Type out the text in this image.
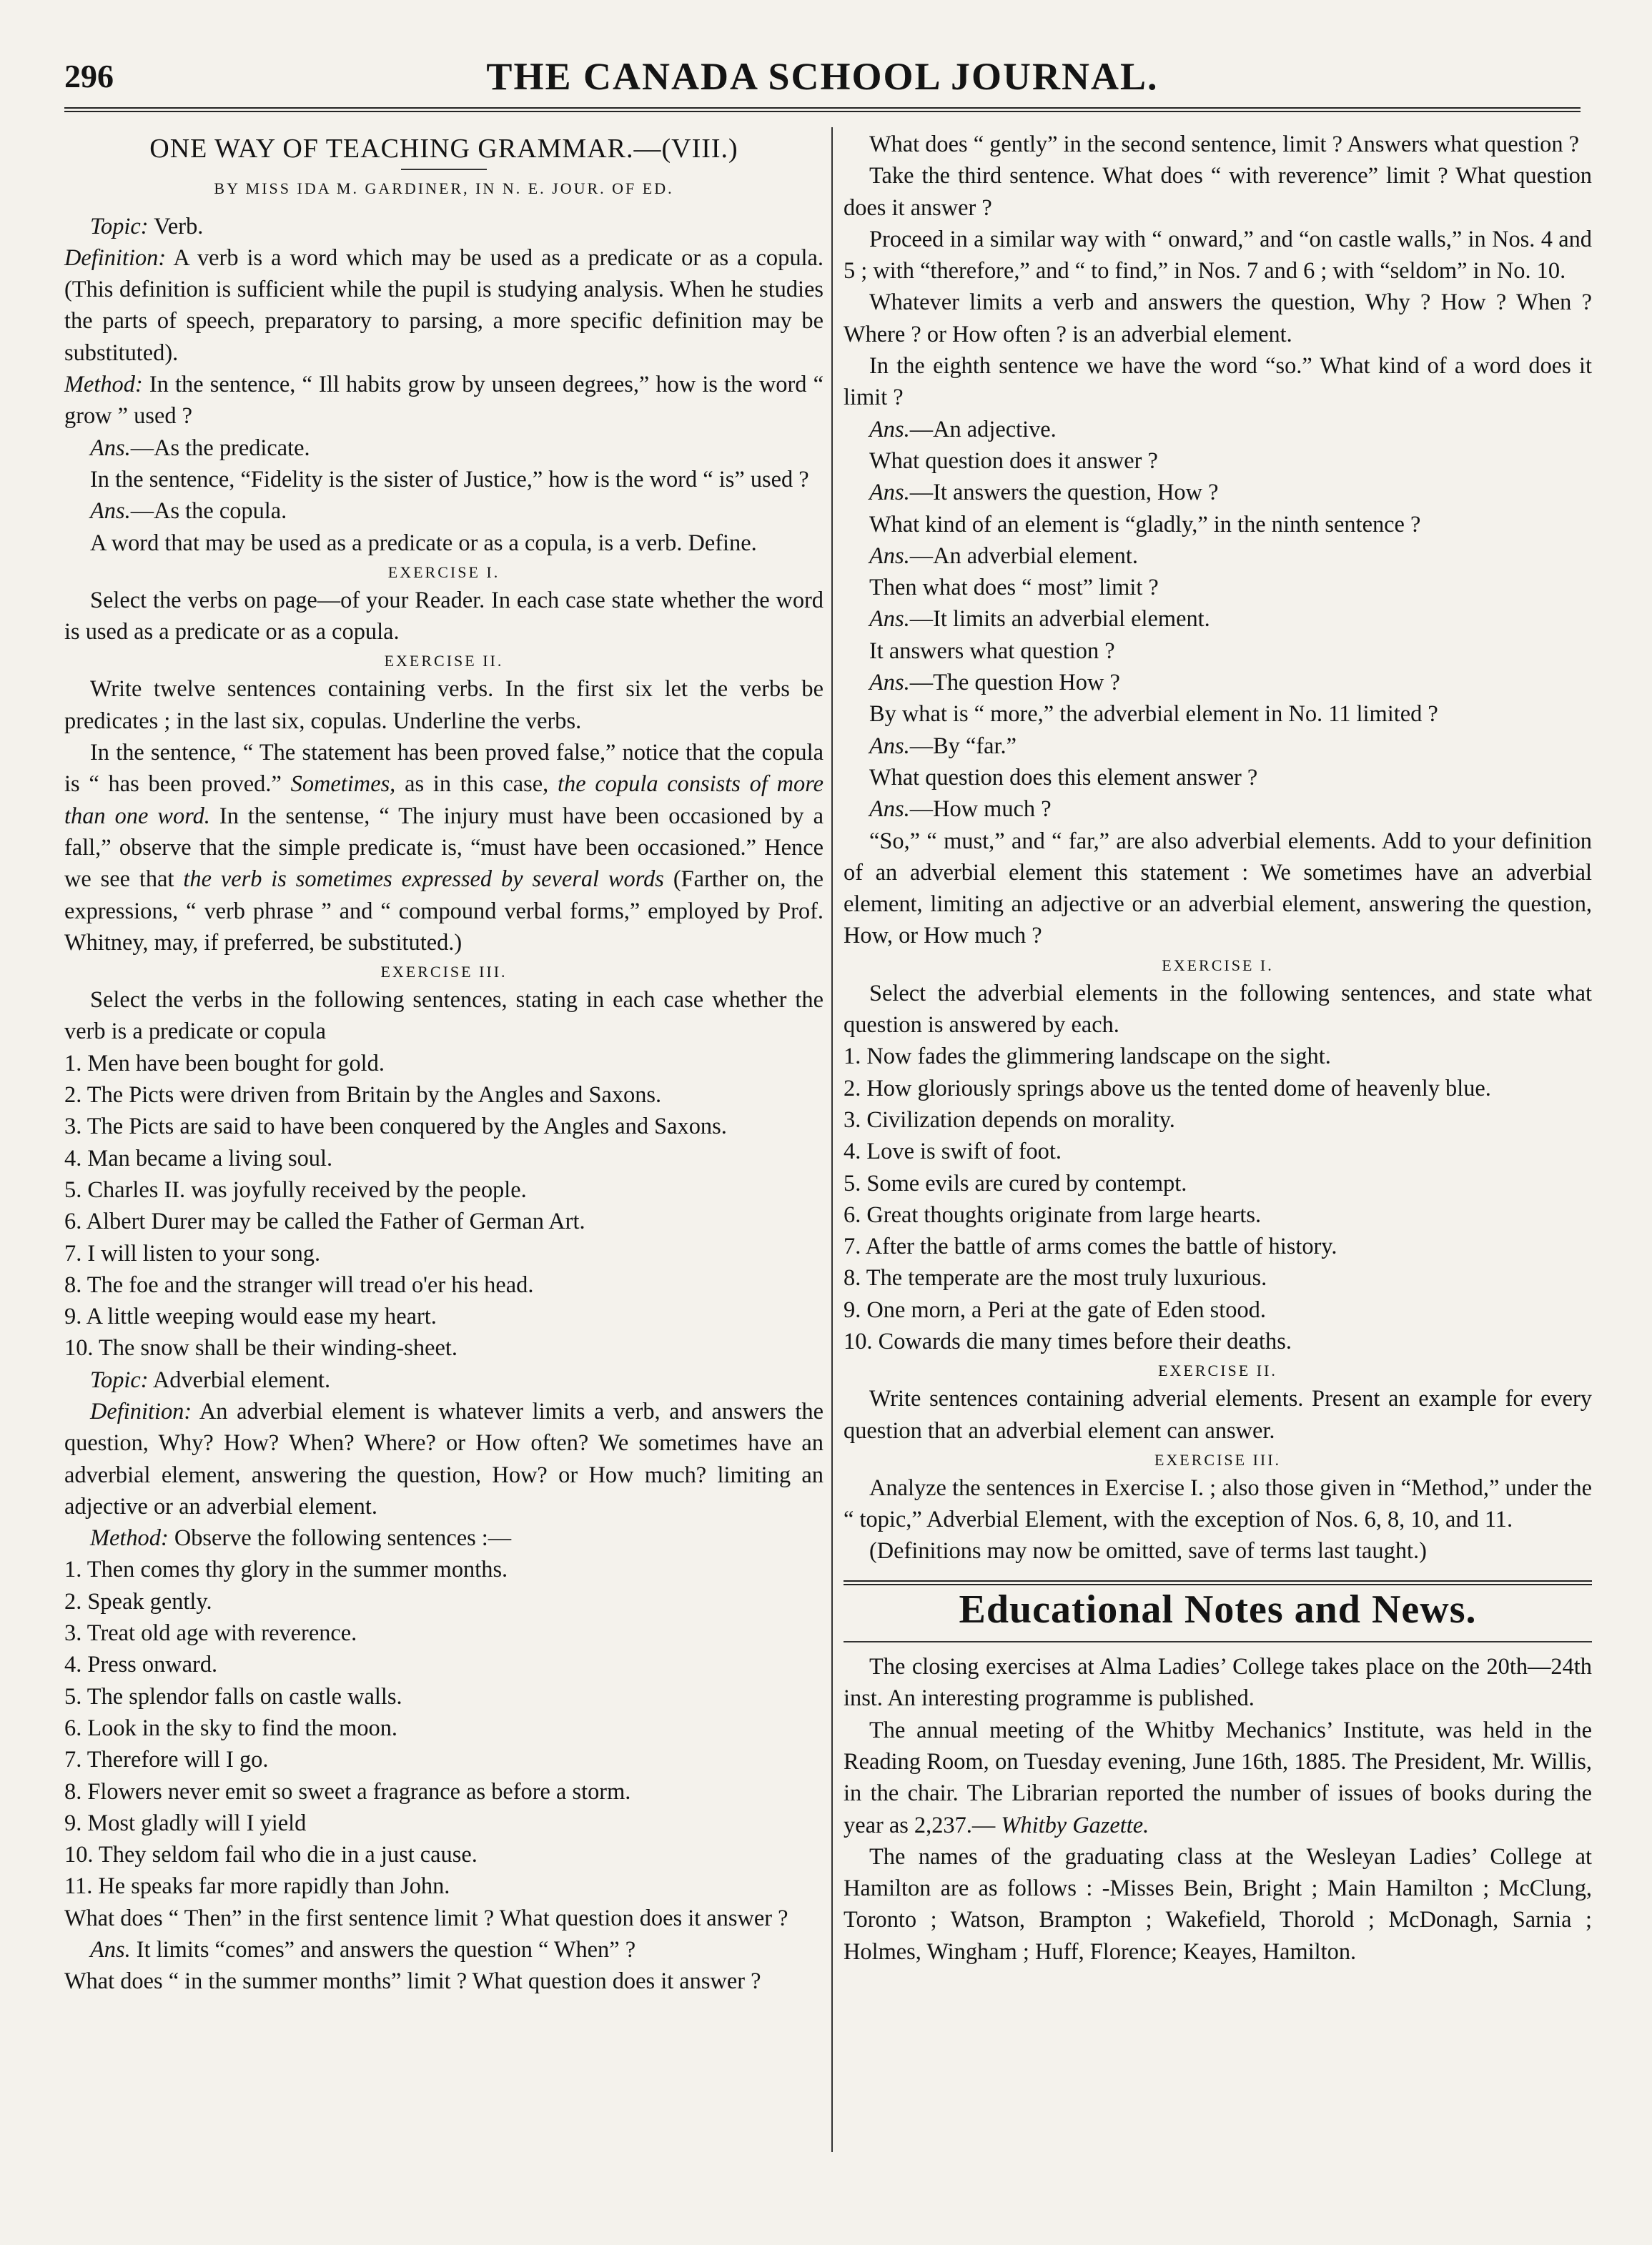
296	THE CANADA SCHOOL JOURNAL.
ONE WAY OF TEACHING GRAMMAR.—(VIII.)
BY MISS IDA M. GARDINER, IN N. E. JOUR. OF ED.

Topic: Verb.

Definition: A verb is a word which may be used as a predicate or as a copula. (This definition is sufficient while the pupil is studying analysis. When he studies the parts of speech, preparatory to parsing, a more specific definition may be substituted).

Method: In the sentence, “ Ill habits grow by unseen degrees,” how is the word “ grow ” used ?

Ans.—As the predicate.

In the sentence, “Fidelity is the sister of Justice,” how is the word “ is” used ?

Ans.—As the copula.

A word that may be used as a predicate or as a copula, is a verb. Define.

EXERCISE I.

Select the verbs on page—of your Reader. In each case state whether the word is used as a predicate or as a copula.

EXERCISE II.

Write twelve sentences containing verbs. In the first six let the verbs be predicates ; in the last six, copulas. Underline the verbs.

In the sentence, “ The statement has been proved false,” notice that the copula is “ has been proved.” Sometimes, as in this case, the copula consists of more than one word. In the sentense, “ The injury must have been occasioned by a fall,” observe that the simple predicate is, “must have been occasioned.” Hence we see that the verb is sometimes expressed by several words (Farther on, the expressions, “ verb phrase ” and “ compound verbal forms,” employed by Prof. Whitney, may, if preferred, be substituted.)

EXERCISE III.

Select the verbs in the following sentences, stating in each case whether the verb is a predicate or copula

1. Men have been bought for gold.
2. The Picts were driven from Britain by the Angles and Saxons.
3. The Picts are said to have been conquered by the Angles and Saxons.
4. Man became a living soul.
5. Charles II. was joyfully received by the people.
6. Albert Durer may be called the Father of German Art.
7. I will listen to your song.
8. The foe and the stranger will tread o'er his head.
9. A little weeping would ease my heart.
10. The snow shall be their winding-sheet.

Topic: Adverbial element.

Definition: An adverbial element is whatever limits a verb, and answers the question, Why? How? When? Where? or How often? We sometimes have an adverbial element, answering the question, How? or How much? limiting an adjective or an adverbial element.

Method: Observe the following sentences :—

1. Then comes thy glory in the summer months.
2. Speak gently.
3. Treat old age with reverence.
4. Press onward.
5. The splendor falls on castle walls.
6. Look in the sky to find the moon.
7. Therefore will I go.
8. Flowers never emit so sweet a fragrance as before a storm.
9. Most gladly will I yield
10. They seldom fail who die in a just cause.
11. He speaks far more rapidly than John.

What does “ Then” in the first sentence limit ? What question does it answer ?

Ans. It limits “comes” and answers the question “ When” ?

What does “ in the summer months” limit ? What question does it answer ?

What does “ gently” in the second sentence, limit ? Answers what question ?

Take the third sentence. What does “ with reverence” limit ? What question does it answer ?

Proceed in a similar way with “ onward,” and “on castle walls,” in Nos. 4 and 5 ; with “therefore,” and “ to find,” in Nos. 7 and 6 ; with “seldom” in No. 10.

Whatever limits a verb and answers the question, Why ? How ? When ? Where ? or How often ? is an adverbial element.

In the eighth sentence we have the word “so.” What kind of a word does it limit ?

Ans.—An adjective.

What question does it answer ?

Ans.—It answers the question, How ?

What kind of an element is “gladly,” in the ninth sentence ?

Ans.—An adverbial element.

Then what does “ most” limit ?

Ans.—It limits an adverbial element.

It answers what question ?

Ans.—The question How ?

By what is “ more,” the adverbial element in No. 11 limited ?

Ans.—By “far.”

What question does this element answer ?

Ans.—How much ?

“So,” “ must,” and “ far,” are also adverbial elements. Add to your definition of an adverbial element this statement : We sometimes have an adverbial element, limiting an adjective or an adverbial element, answering the question, How, or How much ?

EXERCISE I.

Select the adverbial elements in the following sentences, and state what question is answered by each.

1. Now fades the glimmering landscape on the sight.
2. How gloriously springs above us the tented dome of heavenly blue.
3. Civilization depends on morality.
4. Love is swift of foot.
5. Some evils are cured by contempt.
6. Great thoughts originate from large hearts.
7. After the battle of arms comes the battle of history.
8. The temperate are the most truly luxurious.
9. One morn, a Peri at the gate of Eden stood.
10. Cowards die many times before their deaths.
EXERCISE II.

Write sentences containing adverial elements. Present an example for every question that an adverbial element can answer.

EXERCISE III.

Analyze the sentences in Exercise I. ; also those given in “Method,” under the “ topic,” Adverbial Element, with the exception of Nos. 6, 8, 10, and 11.

(Definitions may now be omitted, save of terms last taught.)

Educational Notes and News.

The closing exercises at Alma Ladies’ College takes place on the 20th—24th inst. An interesting programme is published.

The annual meeting of the Whitby Mechanics’ Institute, was held in the Reading Room, on Tuesday evening, June 16th, 1885. The President, Mr. Willis, in the chair. The Librarian reported the number of issues of books during the year as 2,237.— Whitby Gazette.

The names of the graduating class at the Wesleyan Ladies’ College at Hamilton are as follows : -Misses Bein, Bright ; Main Hamilton ; McClung, Toronto ; Watson, Brampton ; Wakefield, Thorold ; McDonagh, Sarnia ; Holmes, Wingham ; Huff, Florence; Keayes, Hamilton.
